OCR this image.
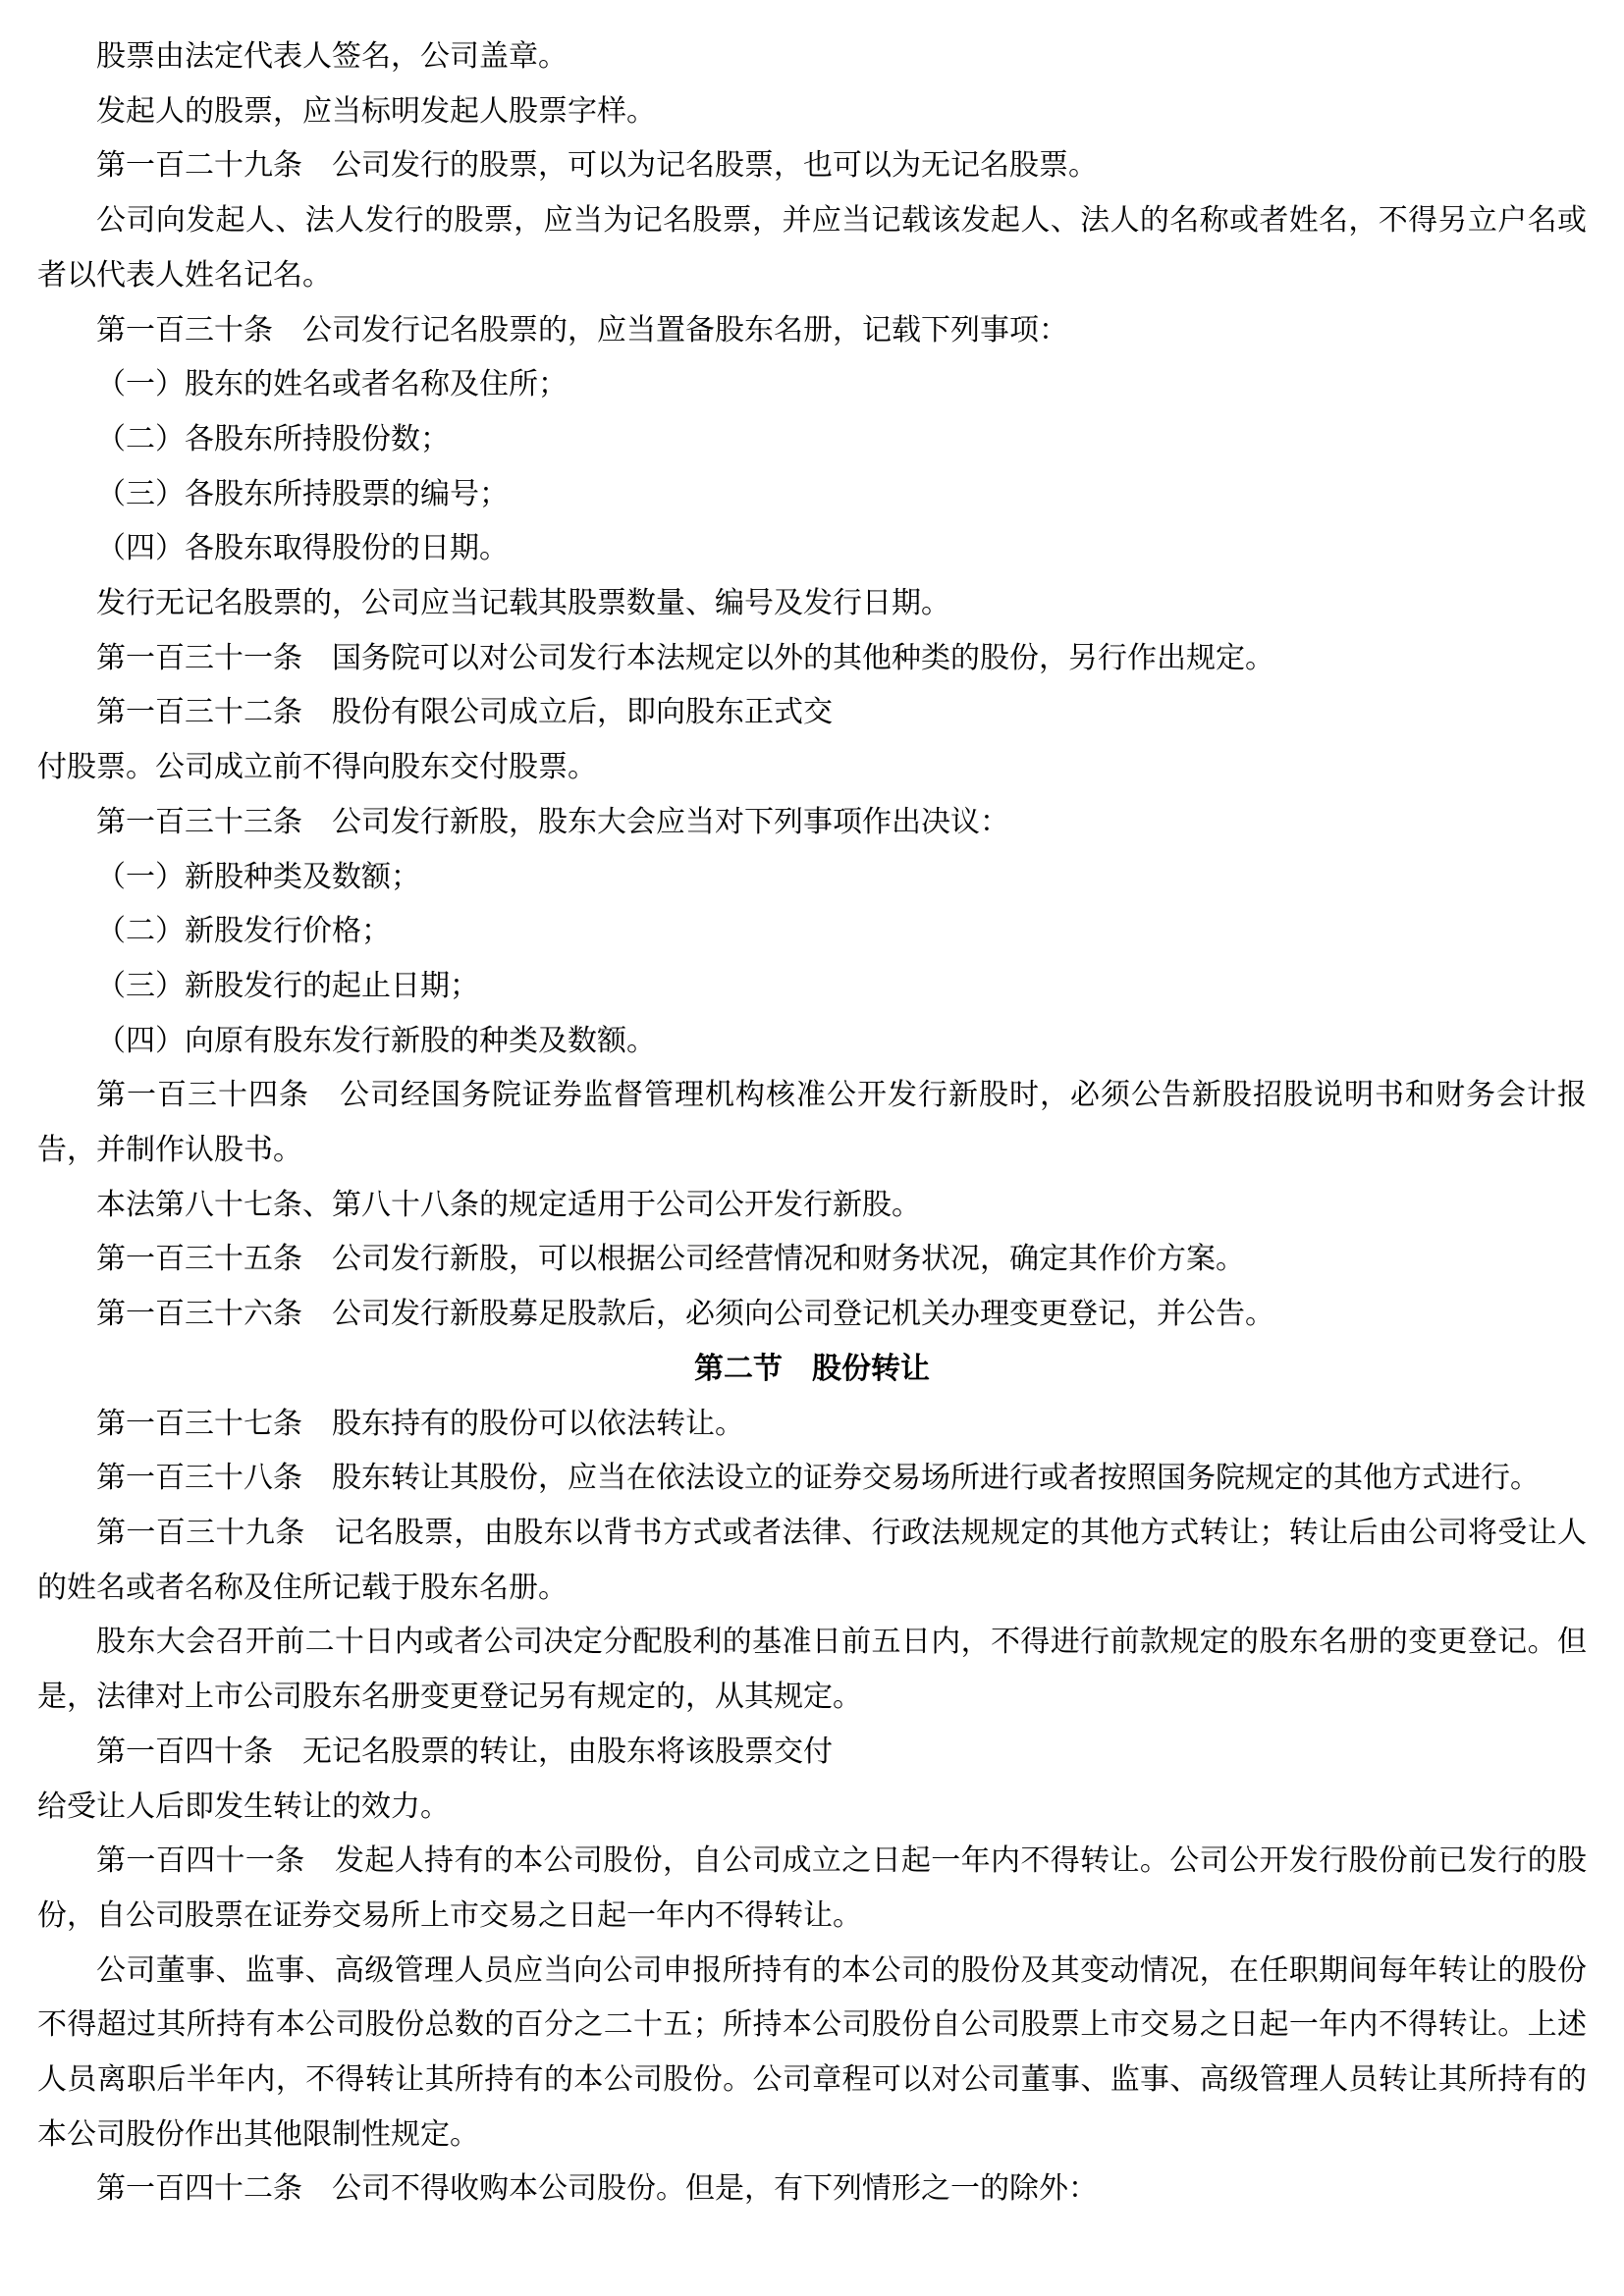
股票由法定代表人签名，公司盖章。

发起人的股票，应当标明发起人股票字样。

第一百二十九条　 公司发行的股票，可以为记名股票，也可以为无记名股票。

公司向发起人、法人发行的股票，应当为记名股票，并应当记载该发起人、法人的名称或者姓名，不得另立户名或者以代表人姓名记名。

第一百三十条　 公司发行记名股票的，应当置备股东名册，记载下列事项：

（一）股东的姓名或者名称及住所；

（二）各股东所持股份数；

（三）各股东所持股票的编号；

（四）各股东取得股份的日期。

发行无记名股票的，公司应当记载其股票数量、编号及发行日期。

第一百三十一条　 国务院可以对公司发行本法规定以外的其他种类的股份，另行作出规定。

第一百三十二条　 股份有限公司成立后，即向股东正式交

付股票。公司成立前不得向股东交付股票。

第一百三十三条　 公司发行新股，股东大会应当对下列事项作出决议：

（一）新股种类及数额；

（二）新股发行价格；

（三）新股发行的起止日期；

（四）向原有股东发行新股的种类及数额。

第一百三十四条　 公司经国务院证券监督管理机构核准公开发行新股时，必须公告新股招股说明书和财务会计报告，并制作认股书。

本法第八十七条、第八十八条的规定适用于公司公开发行新股。

第一百三十五条　 公司发行新股，可以根据公司经营情况和财务状况，确定其作价方案。

第一百三十六条　 公司发行新股募足股款后，必须向公司登记机关办理变更登记，并公告。

第二节　股份转让

第一百三十七条　 股东持有的股份可以依法转让。

第一百三十八条　 股东转让其股份，应当在依法设立的证券交易场所进行或者按照国务院规定的其他方式进行。

第一百三十九条　 记名股票，由股东以背书方式或者法律、行政法规规定的其他方式转让；转让后由公司将受让人的姓名或者名称及住所记载于股东名册。

股东大会召开前二十日内或者公司决定分配股利的基准日前五日内，不得进行前款规定的股东名册的变更登记。但是，法律对上市公司股东名册变更登记另有规定的，从其规定。

第一百四十条　 无记名股票的转让，由股东将该股票交付

给受让人后即发生转让的效力。

第一百四十一条　 发起人持有的本公司股份，自公司成立之日起一年内不得转让。公司公开发行股份前已发行的股份，自公司股票在证券交易所上市交易之日起一年内不得转让。

公司董事、监事、高级管理人员应当向公司申报所持有的本公司的股份及其变动情况，在任职期间每年转让的股份不得超过其所持有本公司股份总数的百分之二十五；所持本公司股份自公司股票上市交易之日起一年内不得转让。上述人员离职后半年内，不得转让其所持有的本公司股份。公司章程可以对公司董事、监事、高级管理人员转让其所持有的本公司股份作出其他限制性规定。

第一百四十二条　 公司不得收购本公司股份。但是，有下列情形之一的除外：
